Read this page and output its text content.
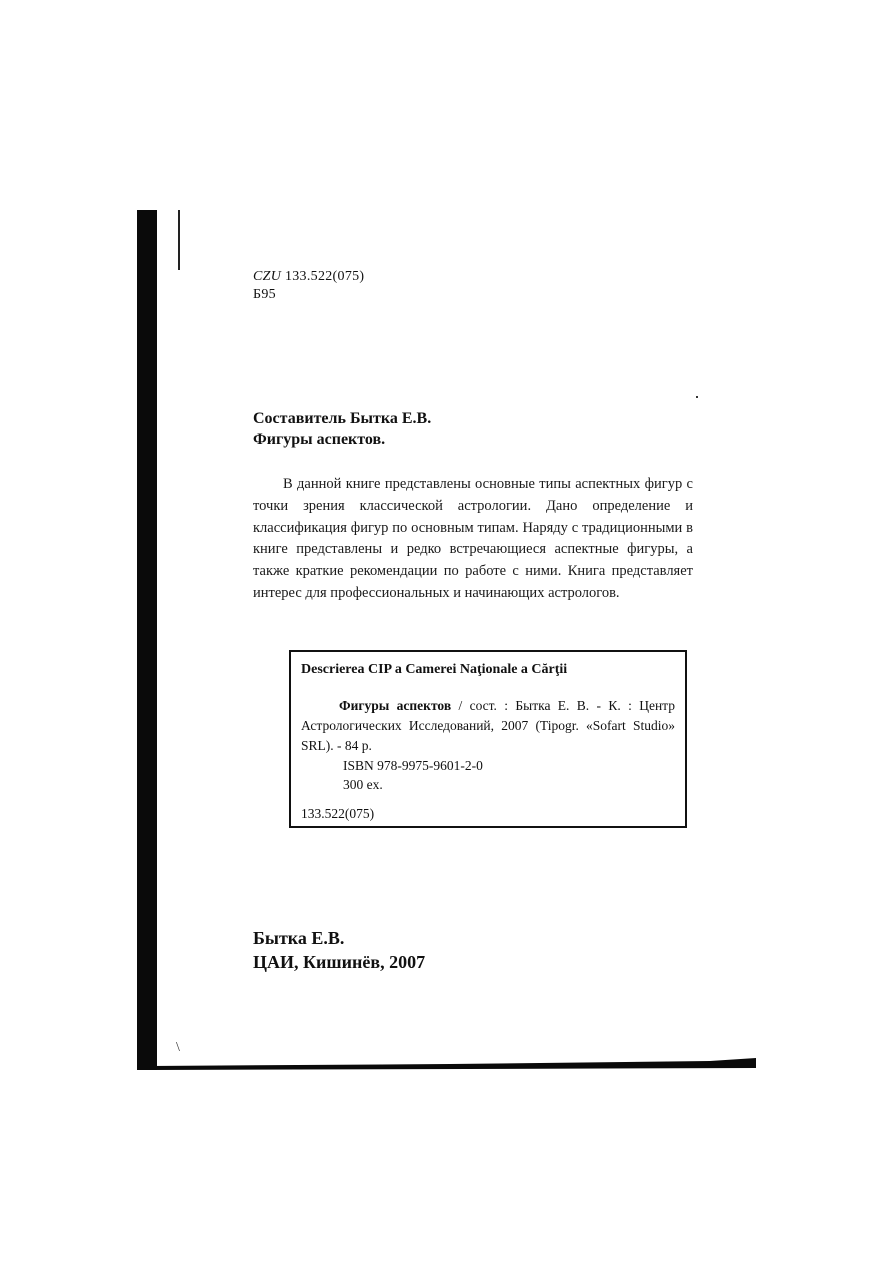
\
CZU 133.522(075)
Б95
Составитель Бытка Е.В.
Фигуры аспектов.
В данной книге представлены основные типы аспектных фигур с точки зрения классической астрологии. Дано определение и классификация фигур по основным типам. Наряду с традиционными в книге представлены и редко встречающиеся аспектные фигуры, а также краткие рекомендации по работе с ними. Книга представляет интерес для профессиональных и начинающих астрологов.
Descrierea CIP a Camerei Naţionale a Cărţii
Фигуры аспектов / сост. : Бытка Е. В. - К. : Центр Астрологических Исследований, 2007 (Tipogr. «Sofart Studio» SRL). - 84 p.
ISBN 978-9975-9601-2-0
300 ex.
133.522(075)
Бытка Е.В.
ЦАИ, Кишинёв, 2007
